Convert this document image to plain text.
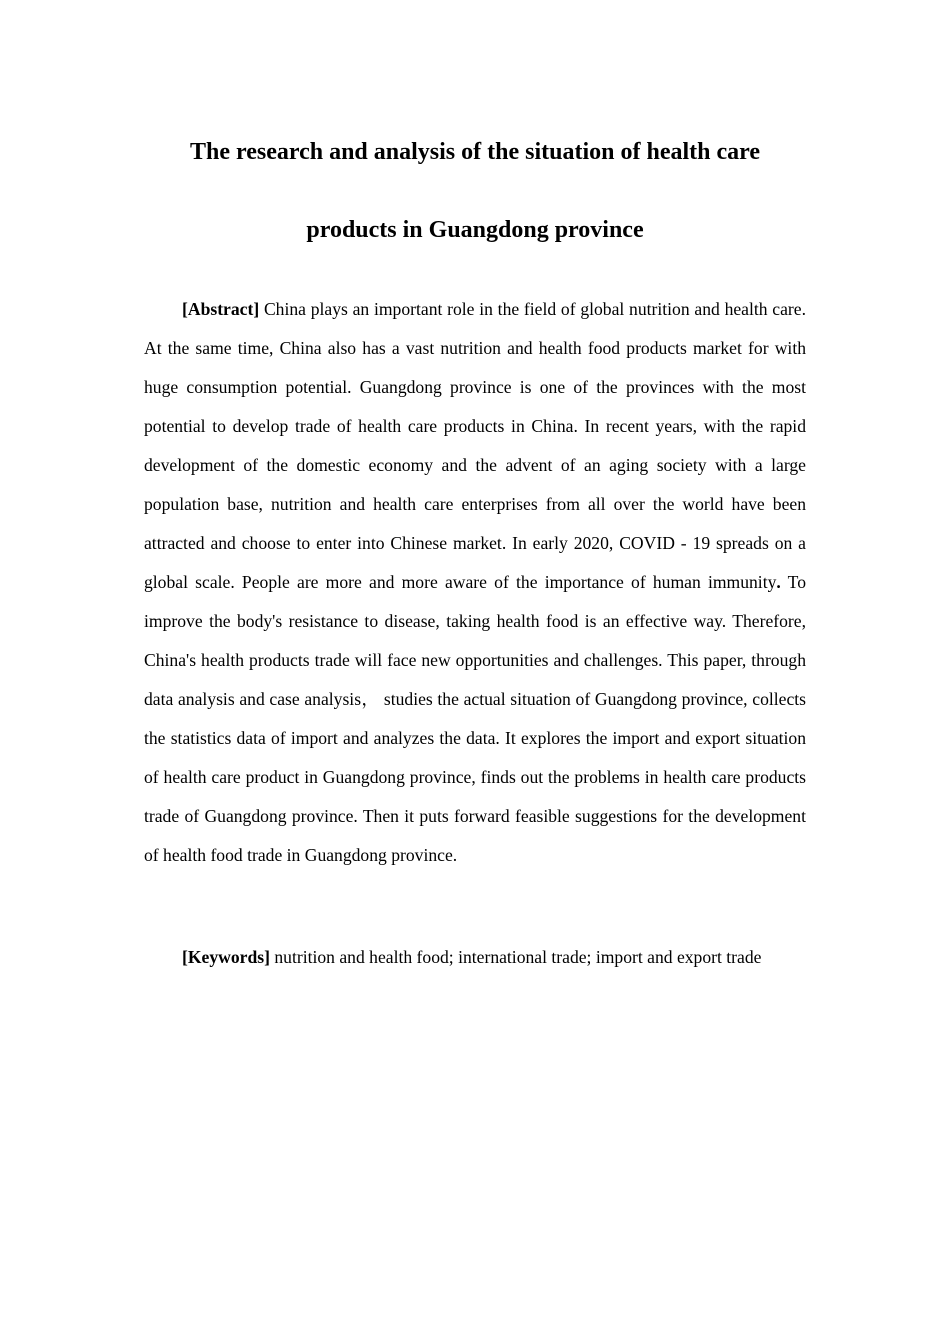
The research and analysis of the situation of health care
products in Guangdong province

[Abstract] China plays an important role in the field of global nutrition and health care. At the same time, China also has a vast nutrition and health food products market for with huge consumption potential. Guangdong province is one of the provinces with the most potential to develop trade of health care products in China. In recent years, with the rapid development of the domestic economy and the advent of an aging society with a large population base, nutrition and health care enterprises from all over the world have been attracted and choose to enter into Chinese market. In early 2020, COVID - 19 spreads on a global scale. People are more and more aware of the importance of human immunity. To improve the body's resistance to disease, taking health food is an effective way. Therefore, China's health products trade will face new opportunities and challenges. This paper, through data analysis and case analysis， studies the actual situation of Guangdong province, collects the statistics data of import and analyzes the data. It explores the import and export situation of health care product in Guangdong province, finds out the problems in health care products trade of Guangdong province. Then it puts forward feasible suggestions for the development of health food trade in Guangdong province.

[Keywords] nutrition and health food; international trade; import and export trade
